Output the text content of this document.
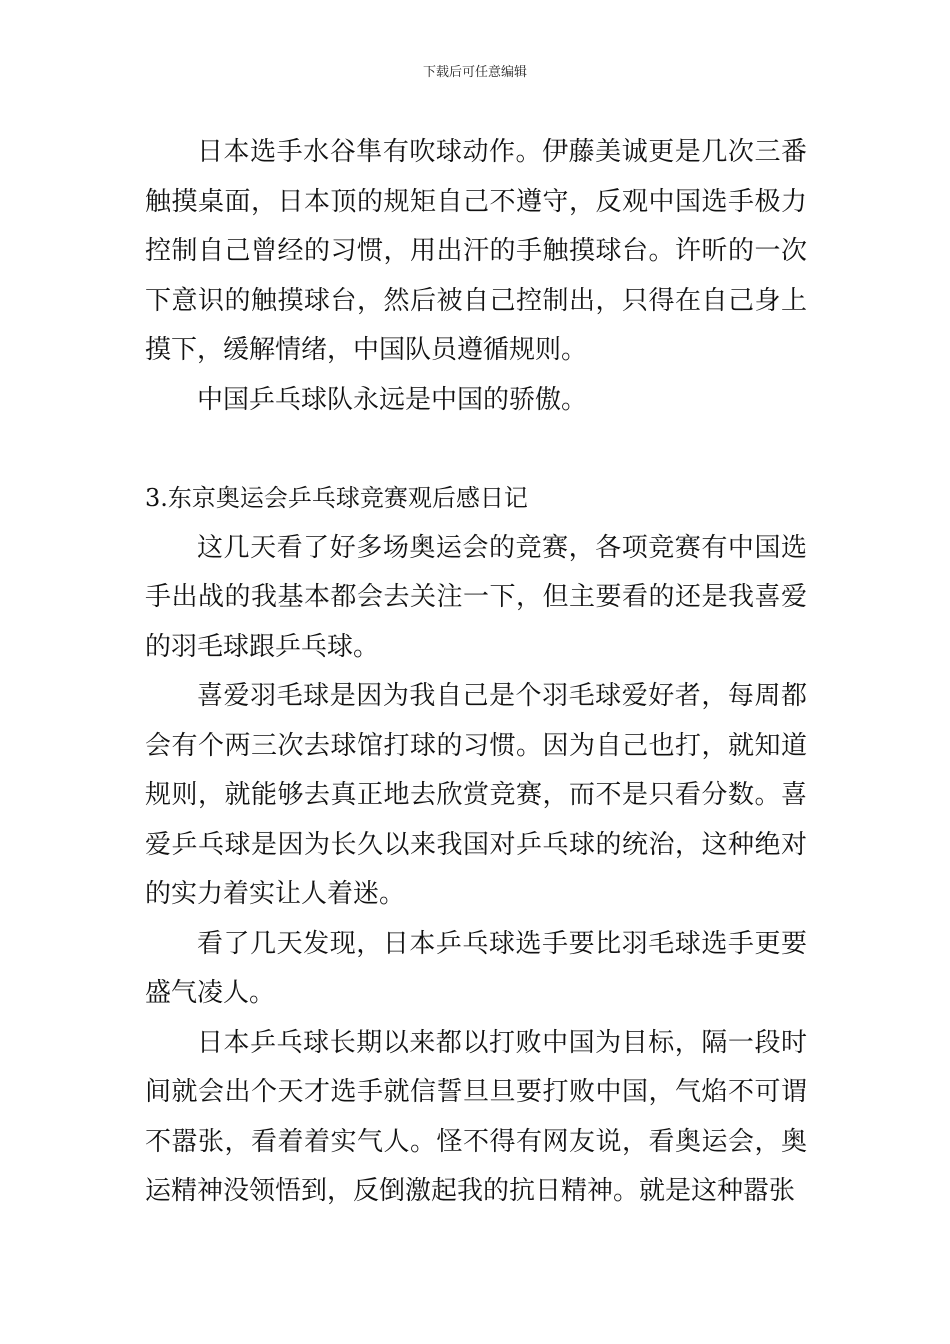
下载后可任意编辑

日本选手水谷隼有吹球动作。伊藤美诚更是几次三番触摸桌面，日本顶的规矩自己不遵守，反观中国选手极力控制自己曾经的习惯，用出汗的手触摸球台。许昕的一次下意识的触摸球台，然后被自己控制出，只得在自己身上摸下，缓解情绪，中国队员遵循规则。

中国乒乓球队永远是中国的骄傲。

3.东京奥运会乒乓球竞赛观后感日记

这几天看了好多场奥运会的竞赛，各项竞赛有中国选手出战的我基本都会去关注一下，但主要看的还是我喜爱的羽毛球跟乒乓球。

喜爱羽毛球是因为我自己是个羽毛球爱好者，每周都会有个两三次去球馆打球的习惯。因为自己也打，就知道规则，就能够去真正地去欣赏竞赛，而不是只看分数。喜爱乒乓球是因为长久以来我国对乒乓球的统治，这种绝对的实力着实让人着迷。

看了几天发现，日本乒乓球选手要比羽毛球选手更要盛气凌人。

日本乒乓球长期以来都以打败中国为目标，隔一段时间就会出个天才选手就信誓旦旦要打败中国，气焰不可谓不嚣张，看着着实气人。怪不得有网友说，看奥运会，奥运精神没领悟到，反倒激起我的抗日精神。就是这种嚣张
